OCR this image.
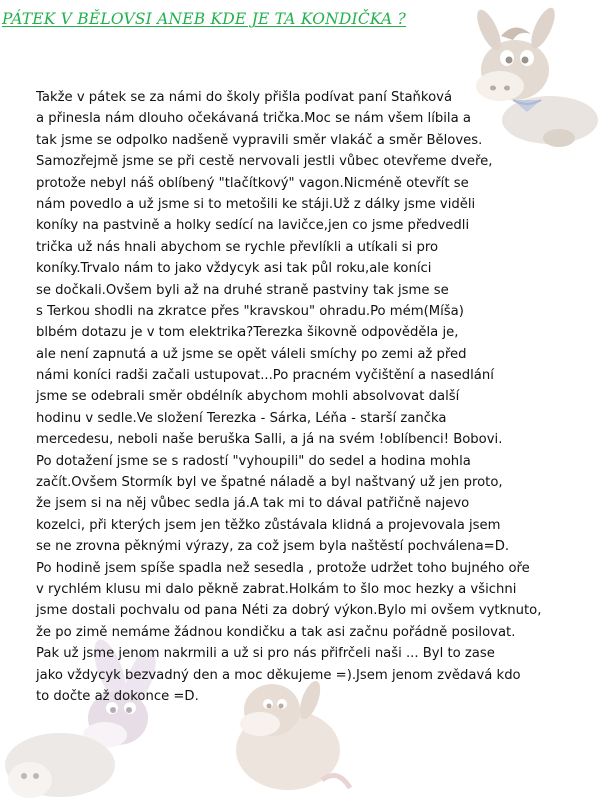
PÁTEK V BĚLOVSI ANEB KDE JE TA KONDIČKA ?
Takže v pátek se za námi do školy přišla podívat paní Staňková
a přinesla nám dlouho očekávaná trička.Moc se nám všem líbila a
tak jsme se odpolko nadšeně vypravili směr vlakáč a směr Běloves.
Samozřejmě jsme se při cestě nervovali jestli vůbec otevřeme dveře,
protože nebyl náš oblíbený "tlačítkový" vagon.Nicméně otevřít se
nám povedlo a už jsme si to metošili ke stáji.Už z dálky jsme viděli
koníky na pastvině a holky sedící na lavičce,jen co jsme předvedli
trička už nás hnali abychom se rychle převlíkli a utíkali si pro
koníky.Trvalo nám to jako vždycyk asi tak půl roku,ale koníci
se dočkali.Ovšem byli až na druhé straně pastviny tak jsme se
s Terkou shodli na zkratce přes "kravskou" ohradu.Po mém(Míša)
blbém dotazu je v tom elektrika?Terezka šikovně odpověděla je,
ale není zapnutá a už jsme se opět váleli smíchy po zemi až před
námi koníci radši začali ustupovat...Po pracném vyčištění a nasedlání
jsme se odebrali směr obdélník abychom mohli absolvovat další
hodinu v sedle.Ve složení Terezka - Sárka, Léňa - starší zančka
mercedesu, neboli naše beruška Salli, a já na svém !oblíbenci! Bobovi.
Po dotažení jsme se s radostí "vyhoupili" do sedel a hodina mohla
začít.Ovšem Stormík byl ve špatné náladě a byl naštvaný už jen proto,
že jsem si na něj vůbec sedla já.A tak mi to dával patřičně najevo
kozelci, při kterých jsem jen těžko zůstávala klidná a projevovala jsem
se ne zrovna pěknými výrazy, za což jsem byla naštěstí pochválena=D.
Po hodině jsem spíše spadla než sesedla , protože udržet toho bujného oře
v rychlém klusu mi dalo pěkně zabrat.Holkám to šlo moc hezky a všichni
jsme dostali pochvalu od pana Néti za dobrý výkon.Bylo mi ovšem vytknuto,
že po zimě nemáme žádnou kondičku a tak asi začnu pořádně posilovat.
Pak už jsme jenom nakrmili a už si pro nás přifrčeli naši ... Byl to zase
jako vždycyk bezvadný den a moc děkujeme =).Jsem jenom zvědavá kdo
to dočte až dokonce =D.
